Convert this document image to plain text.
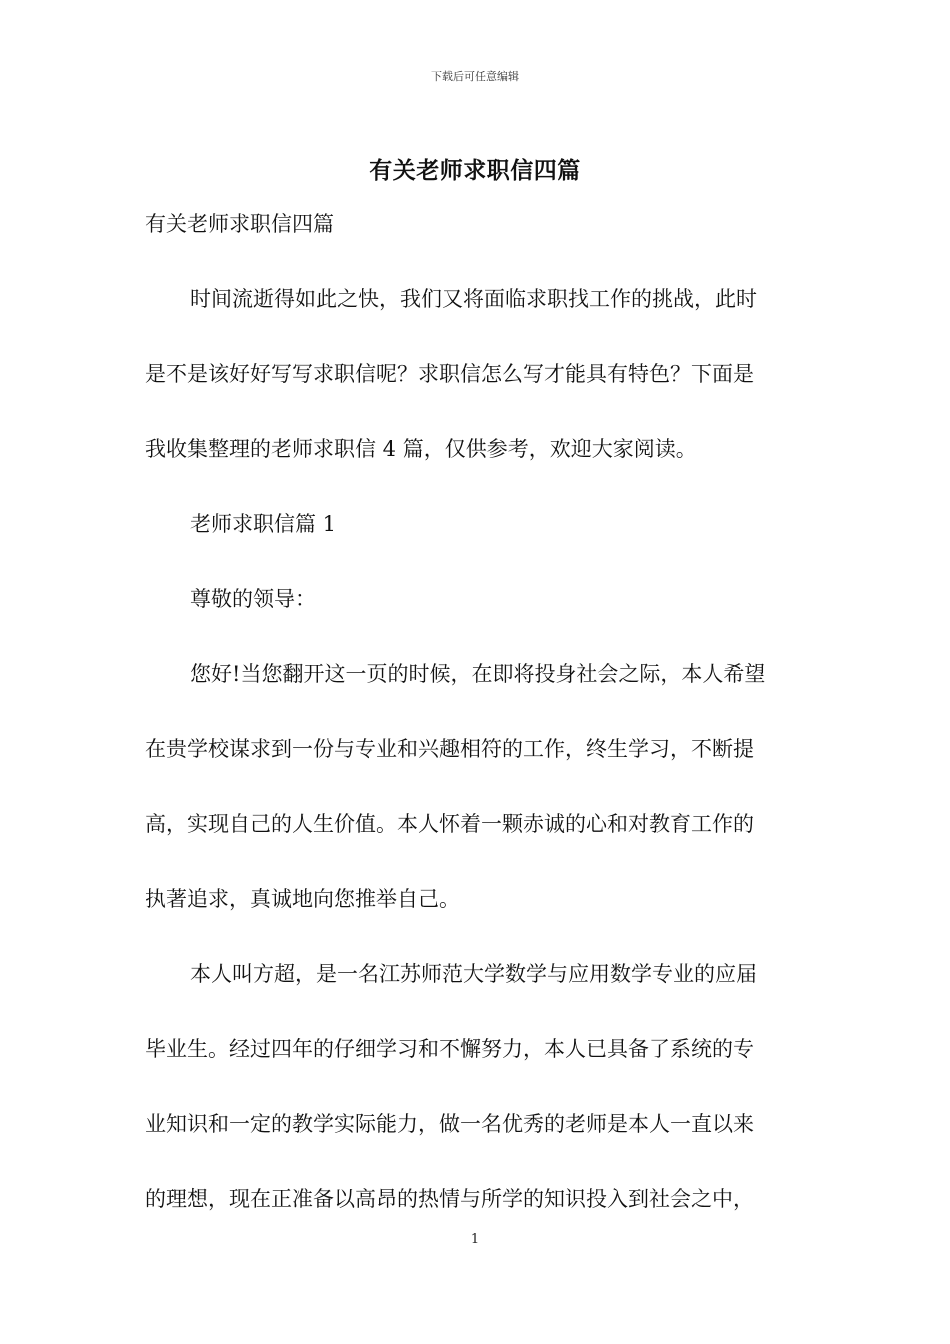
下载后可任意编辑
有关老师求职信四篇

有关老师求职信四篇

时间流逝得如此之快，我们又将面临求职找工作的挑战，此时

是不是该好好写写求职信呢？求职信怎么写才能具有特色？下面是

我收集整理的老师求职信 4 篇，仅供参考，欢迎大家阅读。

老师求职信篇 1

尊敬的领导：

您好!当您翻开这一页的时候，在即将投身社会之际，本人希望

在贵学校谋求到一份与专业和兴趣相符的工作，终生学习，不断提

高，实现自己的人生价值。本人怀着一颗赤诚的心和对教育工作的

执著追求，真诚地向您推举自己。

本人叫方超，是一名江苏师范大学数学与应用数学专业的应届

毕业生。经过四年的仔细学习和不懈努力，本人已具备了系统的专

业知识和一定的教学实际能力，做一名优秀的老师是本人一直以来

的理想，现在正准备以高昂的热情与所学的知识投入到社会之中，

1
